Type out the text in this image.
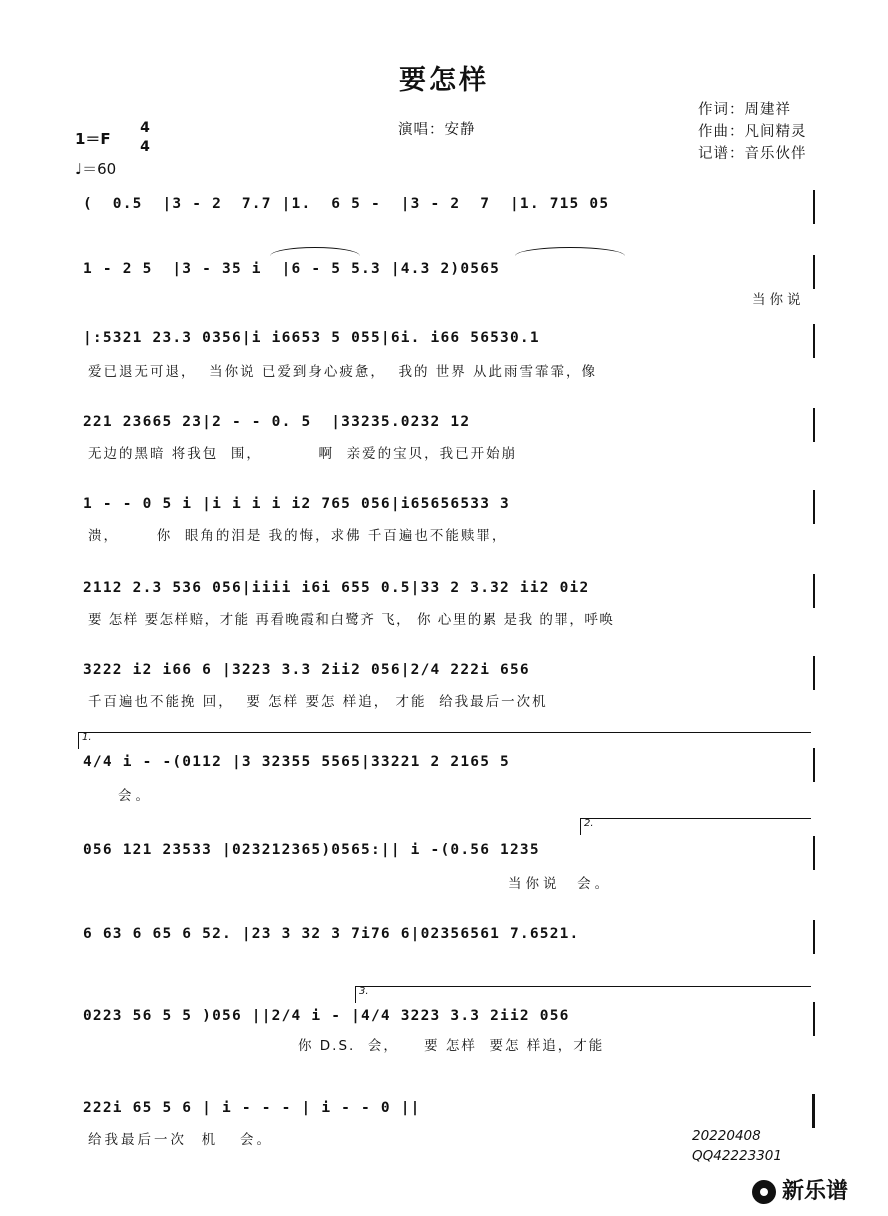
要怎样
演唱：安静
作词：周建祥
作曲：凡间精灵
记谱：音乐伙伴
1＝F
4
4
♩＝60
(  0.5  |3 - 2  7.7 |1.  6 5 -  |3 - 2  7  |1. 715 05
1 - 2 5  |3 - 35 i  |6 - 5 5.3 |4.3 2)0565
当你说
|:5321 23.3 0356|i i6653 5 055|6i. i66 56530.1
爱已退无可退，  当你说 已爱到身心疲惫，  我的 世界 从此雨雪霏霏，像
221 23665 23|2 - - 0. 5  |33235.0232 12
无边的黑暗 将我包  围，         啊  亲爱的宝贝，我已开始崩
1 - - 0 5 i |i i i i i2 765 056|i65656533 3
溃，      你  眼角的泪是 我的悔，求佛 千百遍也不能赎罪，
2112 2.3 536 056|iiii i6i 655 0.5|33 2 3.32 ii2 0i2
要 怎样 要怎样赔，才能 再看晚霞和白鹭齐 飞， 你 心里的累 是我 的罪，呼唤
3222 i2 i66 6 |3223 3.3 2ii2 056|2/4 222i 656
千百遍也不能挽 回，  要 怎样 要怎 样追， 才能  给我最后一次机
1.
4/4 i - -(0112 |3 32355 5565|33221 2 2165 5
会。
2.
056 121 23533 |023212365)0565:|| i -(0.56 1235
当你说  会。
6 63 6 65 6 52. |23 3 32 3 7i76 6|02356561 7.6521.
3.
0223 56 5 5 )056 ||2/4 i - |4/4 3223 3.3 2ii2 056
你 D.S.  会，    要 怎样  要怎 样追，才能
222i 65 5 6 | i - - - | i - - 0 ||
给我最后一次  机   会。	20220408
QQ42223301
新乐谱
